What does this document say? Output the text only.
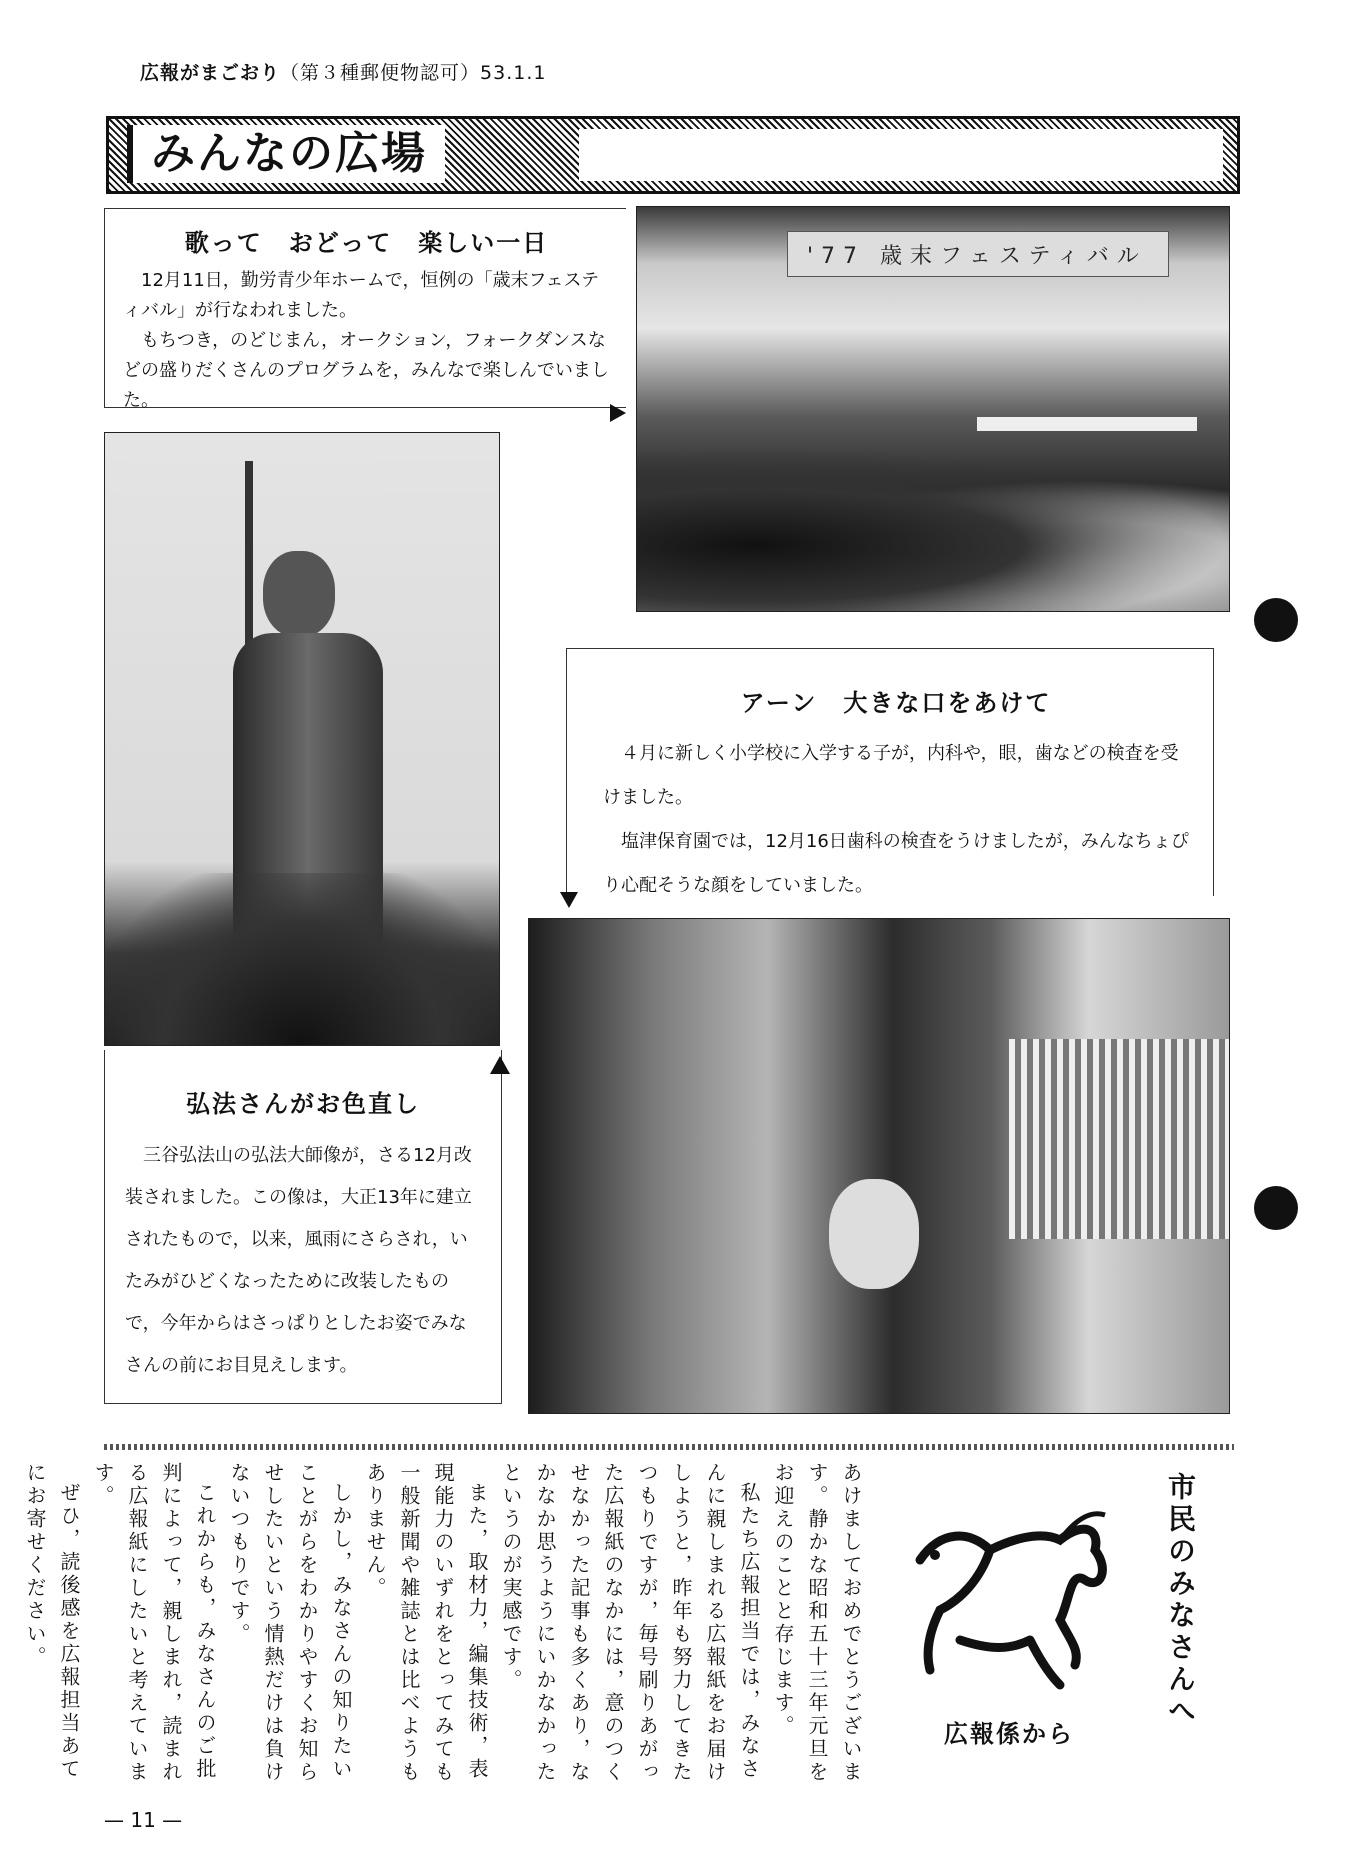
広報がまごおり（第３種郵便物認可）53.1.1
みんなの広場
歌って　おどって　楽しい一日

12月11日，勤労青少年ホームで，恒例の「歳末フェスティバル」が行なわれました。

もちつき，のどじまん，オークション，フォークダンスなどの盛りだくさんのプログラムを，みんなで楽しんでいました。

'77 歳末フェスティバル
アーン　大きな口をあけて

４月に新しく小学校に入学する子が，内科や，眼，歯などの検査を受けました。

塩津保育園では，12月16日歯科の検査をうけましたが，みんなちょぴり心配そうな顔をしていました。

弘法さんがお色直し

三谷弘法山の弘法大師像が，さる12月改装されました。この像は，大正13年に建立されたもので，以来，風雨にさらされ，いたみがひどくなったために改装したもので，今年からはさっぱりとしたお姿でみなさんの前にお目見えします。

あけましておめでとうございます。静かな昭和五十三年元旦をお迎えのことと存じます。

私たち広報担当では，みなさんに親しまれる広報紙をお届けしようと，昨年も努力してきたつもりですが，毎号刷りあがった広報紙のなかには，意のつくせなかった記事も多くあり，なかなか思うようにいかなかったというのが実感です。

また，取材力，編集技術，表現能力のいずれをとってみても一般新聞や雑誌とは比べようもありません。

しかし，みなさんの知りたいことがらをわかりやすくお知らせしたいという情熱だけは負けないつもりです。

これからも，みなさんのご批判によって，親しまれ，読まれる広報紙にしたいと考えています。

ぜひ，読後感を広報担当あてにお寄せください。	市民のみなさんへ
広報係から
— 11 —
